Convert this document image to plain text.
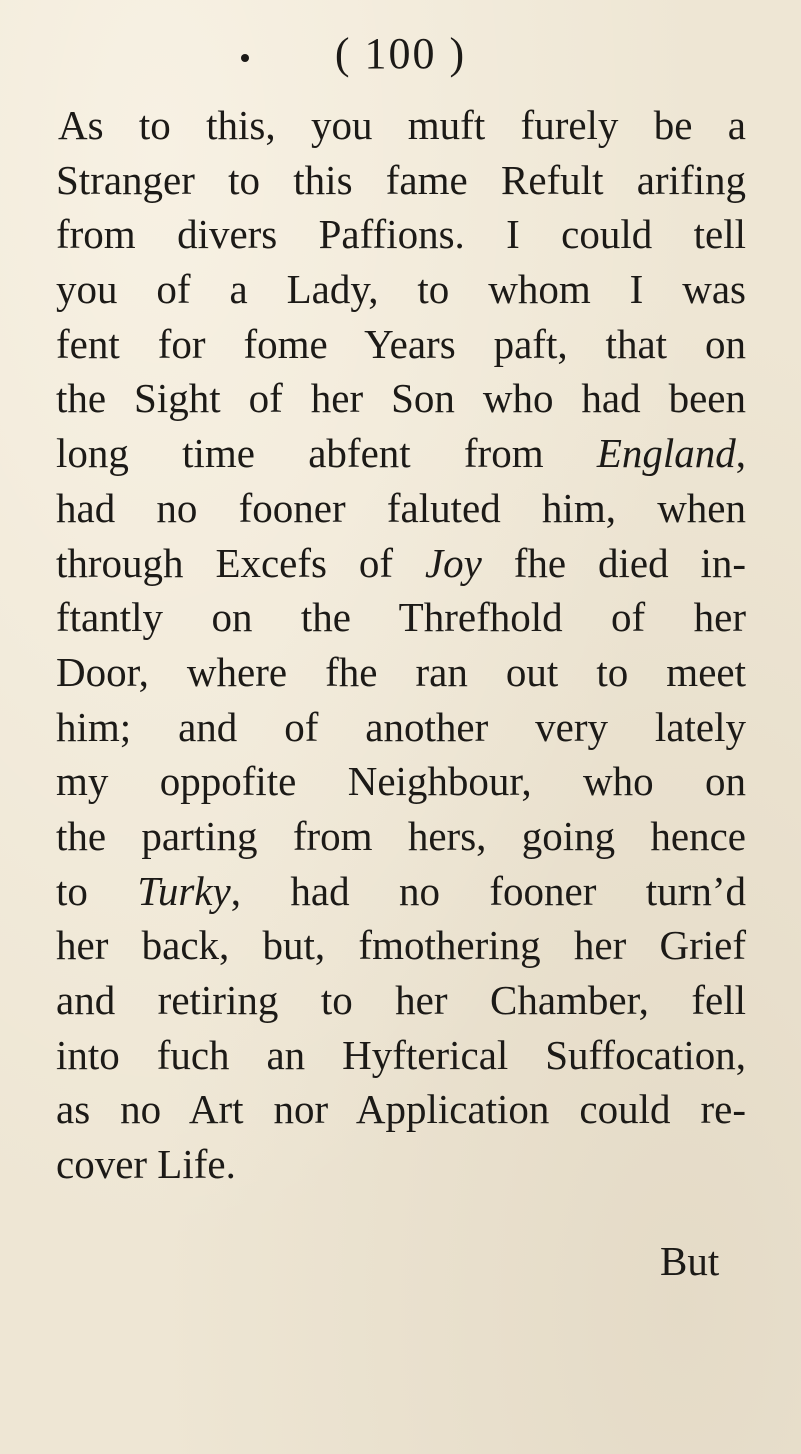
( 100 )
As to this, you muft furely be a
Stranger to this fame Refult arifing
from divers Paffions. I could tell
you of a Lady, to whom I was
fent for fome Years paft, that on
the Sight of her Son who had been
long time abfent from England,
had no fooner faluted him, when
through Excefs of Joy fhe died in-
ftantly on the Threfhold of her
Door, where fhe ran out to meet
him; and of another very lately
my oppofite Neighbour, who on
the parting from hers, going hence
to Turky, had no fooner turn’d
her back, but, fmothering her Grief
and retiring to her Chamber, fell
into fuch an Hyfterical Suffocation,
as no Art nor Application could re-
cover Life.
But
